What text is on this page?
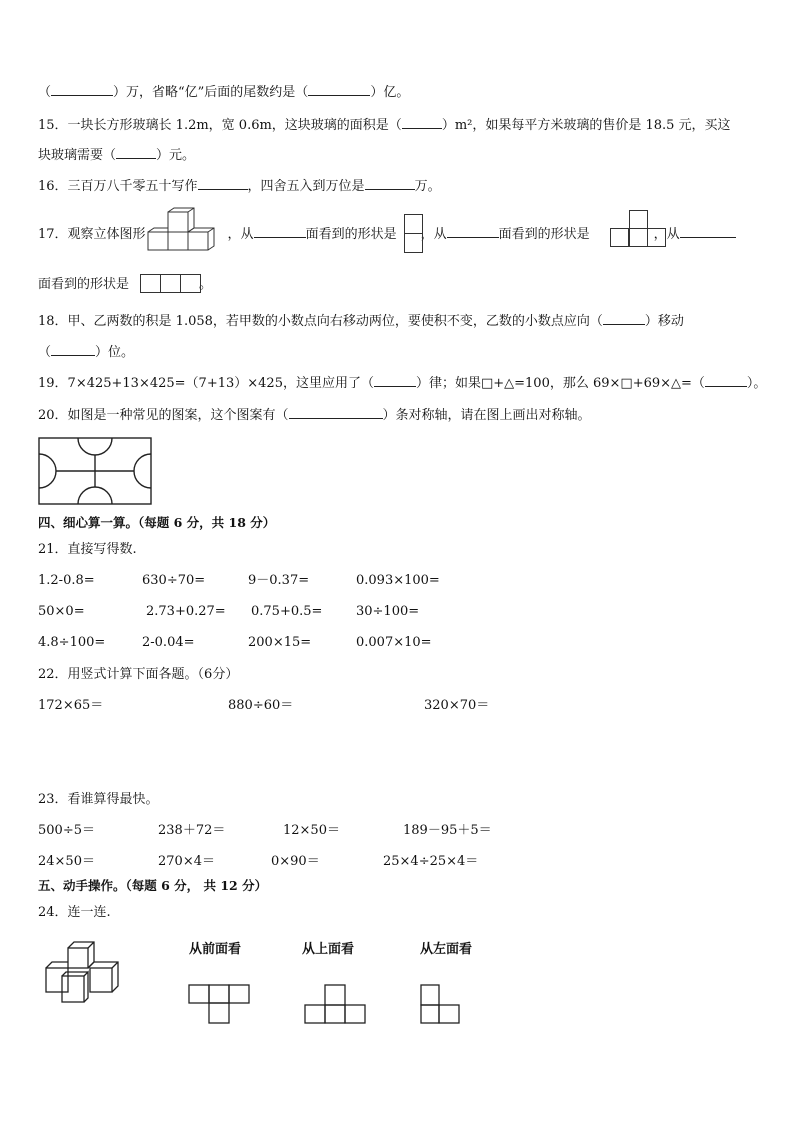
（	）万，省略“亿”后面的尾数约是（	）亿。
15．一块长方形玻璃长 1.2m，宽 0.6m，这块玻璃的面积是（	）m²，如果每平方米玻璃的售价是 18.5 元，买这
块玻璃需要（	）元。
16．三百万八千零五十写作	，四舍五入到万位是	万。
17．观察立体图形	，从	面看到的形状是 ，从	面看到的形状是	，从
面看到的形状是	。
18．甲、乙两数的积是 1.058，若甲数的小数点向右移动两位，要使积不变，乙数的小数点应向（	）移动
（	）位。
19．7×425+13×425=（7+13）×425，这里应用了（	）律；如果□+△=100，那么 69×□+69×△=（	）。
20．如图是一种常见的图案，这个图案有（	）条对称轴，请在图上画出对称轴。
四、细心算一算。（每题 6 分，共 18 分）
21．直接写得数.
1.2-0.8=	630÷70=	9－0.37=	0.093×100=
50×0=	2.73+0.27= 0.75+0.5=	30÷100=
4.8÷100=	2-0.04=	200×15=	0.007×10=
22．用竖式计算下面各题。（6分）
172×65＝	880÷60＝	320×70＝
23．看谁算得最快。
500÷5＝	238＋72＝	12×50＝	189－95＋5＝
24×50＝	270×4＝	0×90＝	25×4÷25×4＝
五、动手操作。（每题 6 分， 共 12 分）
24．连一连.
从前面看	从上面看	从左面看
